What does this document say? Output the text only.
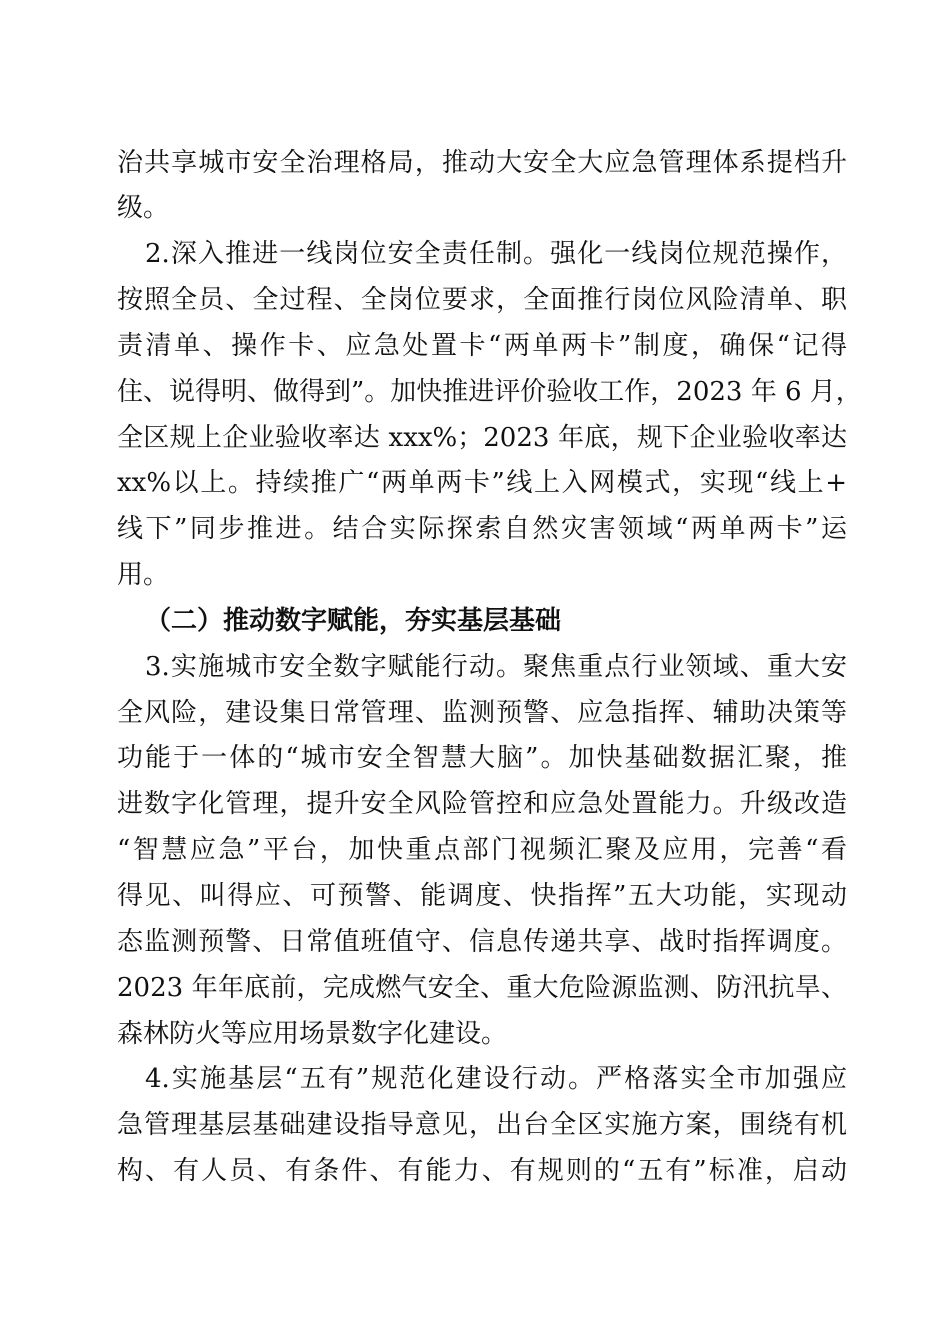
治共享城市安全治理格局，推动大安全大应急管理体系提档升
级。
2.深入推进一线岗位安全责任制。强化一线岗位规范操作，
按照全员、全过程、全岗位要求，全面推行岗位风险清单、职
责清单、操作卡、应急处置卡“两单两卡”制度，确保“记得
住、说得明、做得到”。加快推进评价验收工作，2023 年 6 月，
全区规上企业验收率达 xxx%；2023 年底，规下企业验收率达
xx%以上。持续推广“两单两卡”线上入网模式，实现“线上+
线下”同步推进。结合实际探索自然灾害领域“两单两卡”运
用。
（二）推动数字赋能，夯实基层基础
3.实施城市安全数字赋能行动。聚焦重点行业领域、重大安
全风险，建设集日常管理、监测预警、应急指挥、辅助决策等
功能于一体的“城市安全智慧大脑”。加快基础数据汇聚，推
进数字化管理，提升安全风险管控和应急处置能力。升级改造
“智慧应急”平台，加快重点部门视频汇聚及应用，完善“看
得见、叫得应、可预警、能调度、快指挥”五大功能，实现动
态监测预警、日常值班值守、信息传递共享、战时指挥调度。
2023 年年底前，完成燃气安全、重大危险源监测、防汛抗旱、
森林防火等应用场景数字化建设。
4.实施基层“五有”规范化建设行动。严格落实全市加强应
急管理基层基础建设指导意见，出台全区实施方案，围绕有机
构、有人员、有条件、有能力、有规则的“五有”标准，启动
